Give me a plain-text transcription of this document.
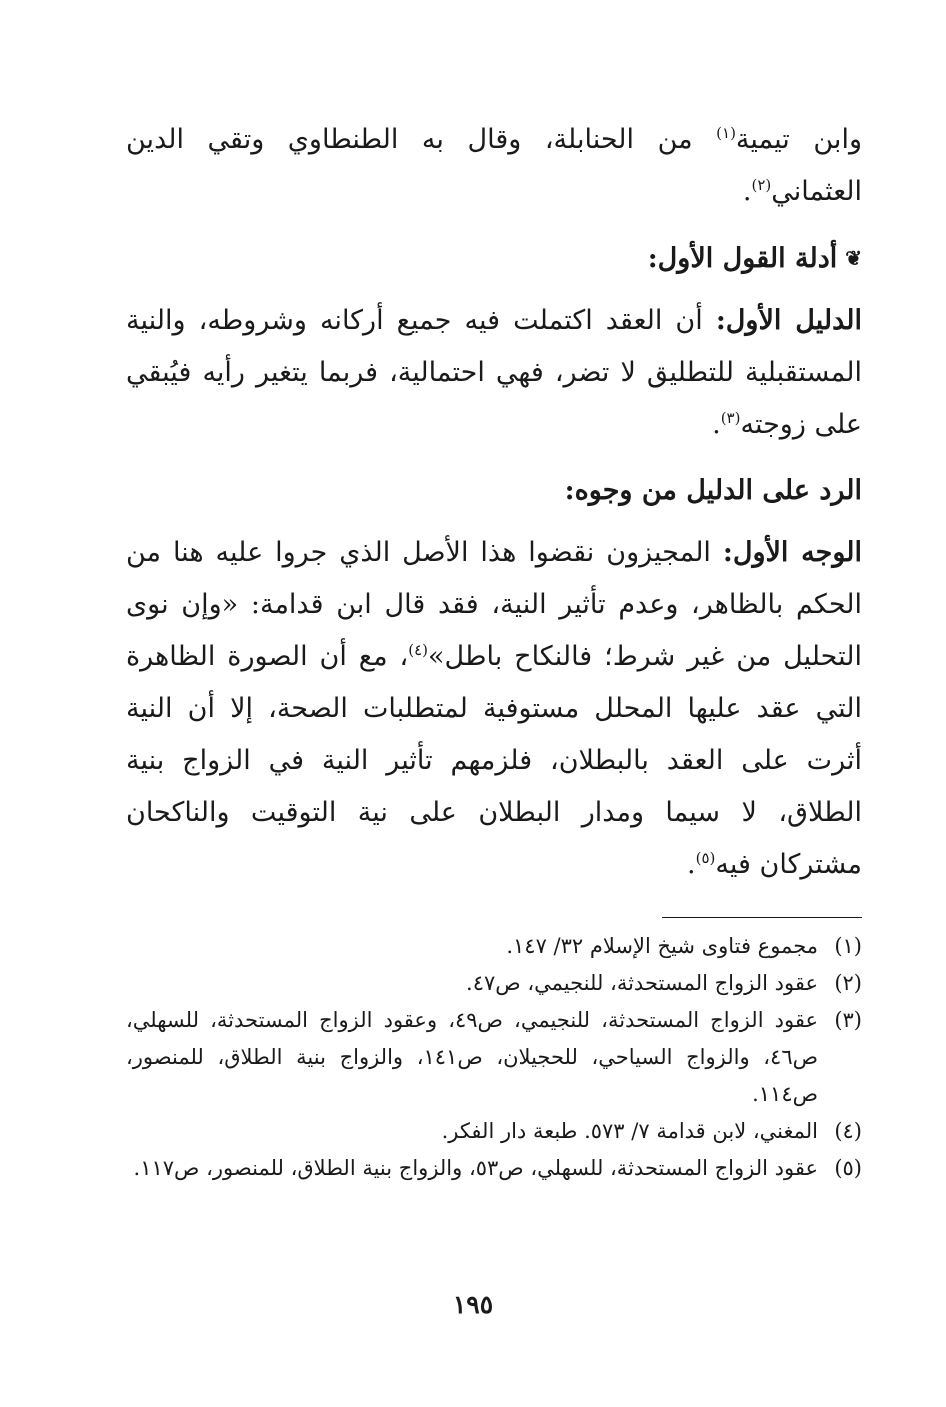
وابن تيمية$^{(١)}$ من الحنابلة، وقال به الطنطاوي وتقي الدين العثماني$^{(٢)}$.

❦أدلة القول الأول:

الدليل الأول: أن العقد اكتملت فيه جميع أركانه وشروطه، والنية المستقبلية للتطليق لا تضر، فهي احتمالية، فربما يتغير رأيه فيُبقي على زوجته$^{(٣)}$.

الرد على الدليل من وجوه:

الوجه الأول: المجيزون نقضوا هذا الأصل الذي جروا عليه هنا من الحكم بالظاهر، وعدم تأثير النية، فقد قال ابن قدامة: «وإن نوى التحليل من غير شرط؛ فالنكاح باطل»$^{(٤)}$، مع أن الصورة الظاهرة التي عقد عليها المحلل مستوفية لمتطلبات الصحة، إلا أن النية أثرت على العقد بالبطلان، فلزمهم تأثير النية في الزواج بنية الطلاق، لا سيما ومدار البطلان على نية التوقيت والناكحان مشتركان فيه$^{(٥)}$.

(١)
مجموع فتاوى شيخ الإسلام ٣٢/ ١٤٧.
(٢)
عقود الزواج المستحدثة، للنجيمي، ص٤٧.
(٣)
عقود الزواج المستحدثة، للنجيمي، ص٤٩، وعقود الزواج المستحدثة، للسهلي، ص٤٦، والزواج السياحي، للحجيلان، ص١٤١، والزواج بنية الطلاق، للمنصور، ص١١٤.
(٤)
المغني، لابن قدامة ٧/ ٥٧٣. طبعة دار الفكر.
(٥)
عقود الزواج المستحدثة، للسهلي، ص٥٣، والزواج بنية الطلاق، للمنصور، ص١١٧.
١٩٥
